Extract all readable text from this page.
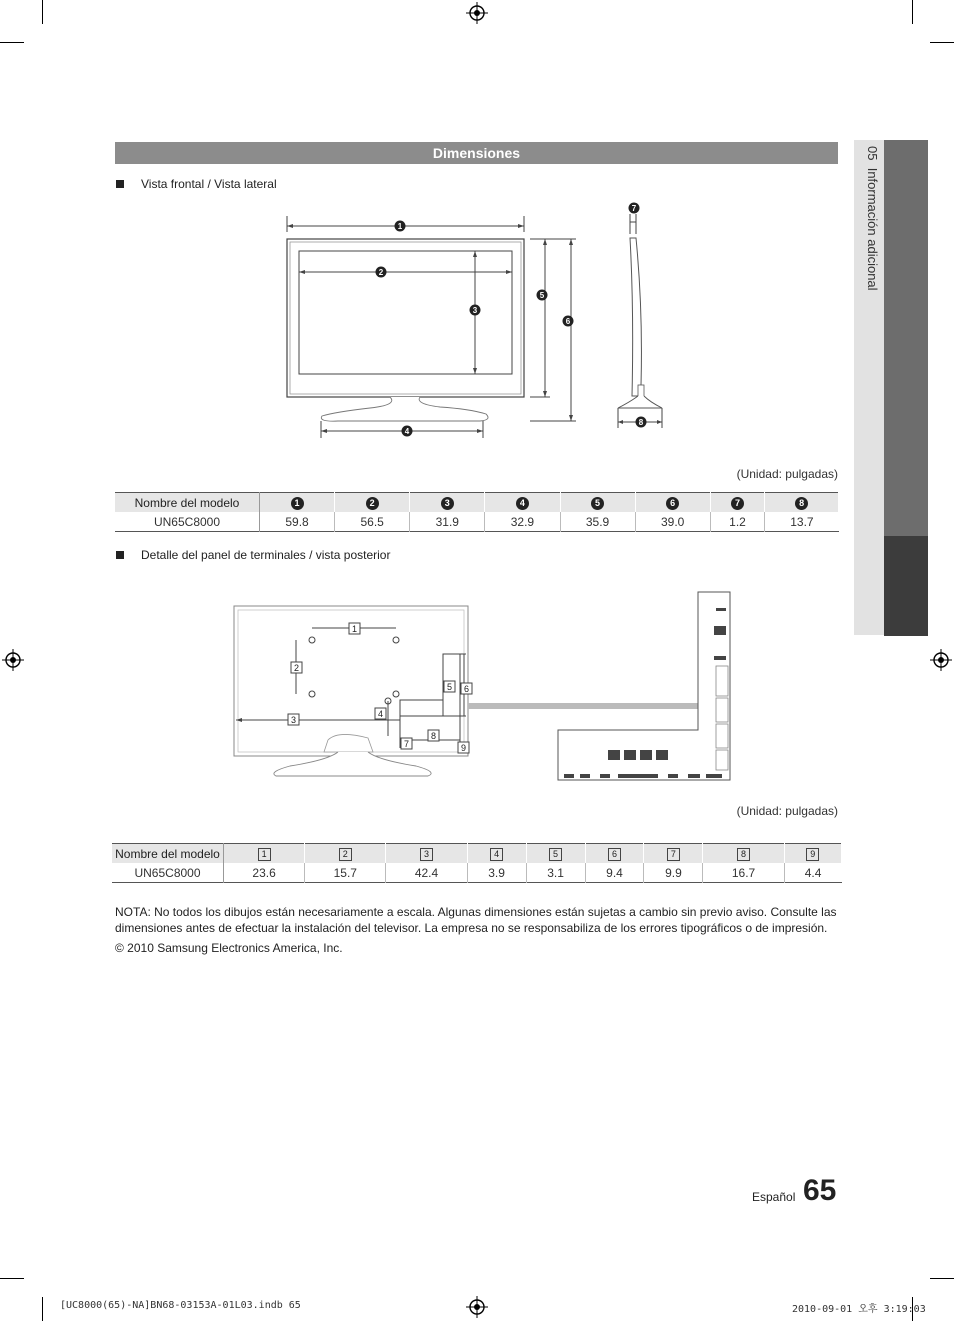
05  Información adicional
Dimensiones
Vista frontal / Vista lateral
1
2
3
4
5
6
7
8
(Unidad: pulgadas)
Nombre del modelo	1	2	3	4	5	6	7	8
UN65C8000	59.8	56.5	31.9	32.9	35.9	39.0	1.2	13.7
Detalle del panel de terminales / vista posterior
1
2
3
4
5 6
7
8
9
(Unidad: pulgadas)
Nombre del modelo	1	2	3	4	5	6	7	8	9
UN65C8000	23.6	15.7	42.4	3.9	3.1	9.4	9.9	16.7	4.4
NOTA: No todos los dibujos están necesariamente a escala. Algunas dimensiones están sujetas a cambio sin previo aviso. Consulte las dimensiones antes de efectuar la instalación del televisor. La empresa no se responsabiliza de los errores tipográficos o de impresión.
© 2010 Samsung Electronics America, Inc.
Español 65
[UC8000(65)-NA]BN68-03153A-01L03.indb 65	2010-09-01 오후 3:19:03
